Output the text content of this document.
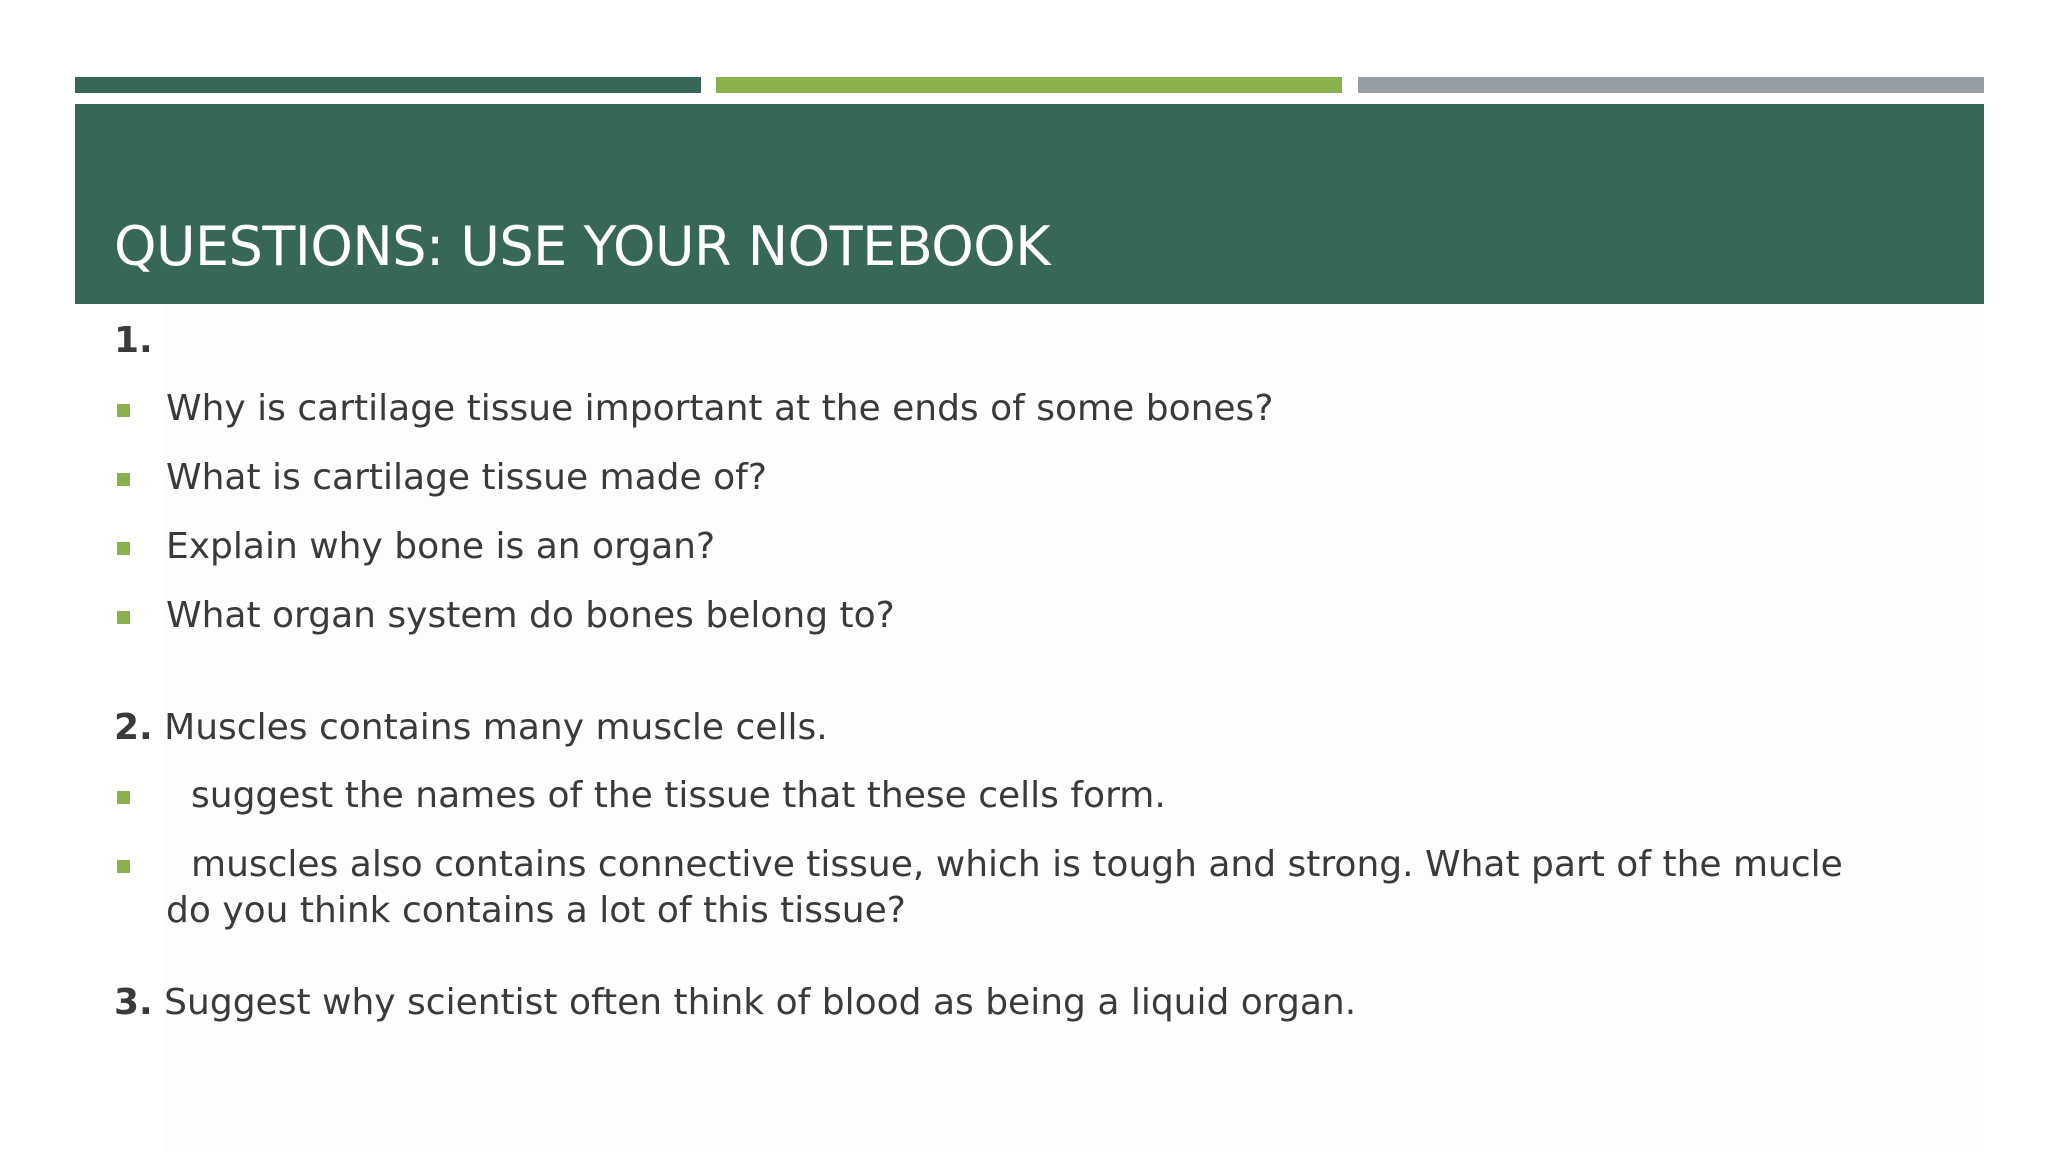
QUESTIONS: USE YOUR NOTEBOOK

1.

Why is cartilage tissue important at the ends of some bones?
What is cartilage tissue made of?
Explain why bone is an organ?
What organ system do bones belong to?

2. Muscles contains many muscle cells.

suggest the names of the tissue that these cells form.
muscles also contains connective tissue, which is tough and strong. What part of the mucle do you think contains a lot of this tissue?

3. Suggest why scientist often think of blood as being a liquid organ.
